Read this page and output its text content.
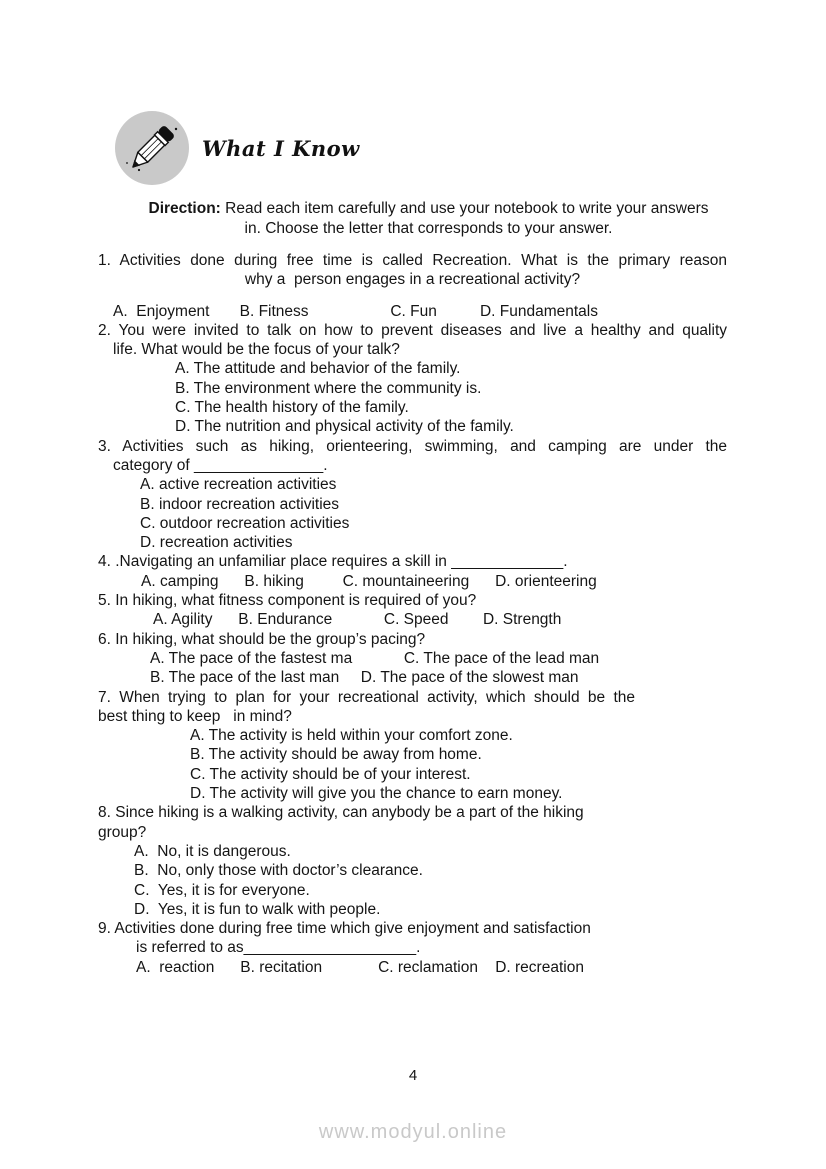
What I Know
Direction: Read each item carefully and use your notebook to write your answers
in. Choose the letter that corresponds to your answer.
1. Activities done during free time is called Recreation. What is the primary reason
why a  person engages in a recreational activity?
A.  Enjoyment       B. Fitness                   C. Fun          D. Fundamentals
2. You were invited to talk on how to prevent diseases and live a healthy and quality
life. What would be the focus of your talk?
A. The attitude and behavior of the family.
B. The environment where the community is.
C. The health history of the family.
D. The nutrition and physical activity of the family.
3. Activities such as hiking, orienteering, swimming, and camping are under the
category of _______________.
A. active recreation activities
B. indoor recreation activities
C. outdoor recreation activities
D. recreation activities
4. .Navigating an unfamiliar place requires a skill in _____________.
A. camping      B. hiking         C. mountaineering      D. orienteering
5. In hiking, what fitness component is required of you?
A. Agility      B. Endurance            C. Speed        D. Strength
6. In hiking, what should be the group’s pacing?
A. The pace of the fastest ma            C. The pace of the lead man
B. The pace of the last man     D. The pace of the slowest man
7. When trying to plan for your recreational activity, which should be the
best thing to keep   in mind?
A. The activity is held within your comfort zone.
B. The activity should be away from home.
C. The activity should be of your interest.
D. The activity will give you the chance to earn money.
8. Since hiking is a walking activity, can anybody be a part of the hiking
group?
A.  No, it is dangerous.
B.  No, only those with doctor’s clearance.
C.  Yes, it is for everyone.
D.  Yes, it is fun to walk with people.
9. Activities done during free time which give enjoyment and satisfaction
is referred to as____________________.
A.  reaction      B. recitation             C. reclamation    D. recreation
4
www.modyul.online
